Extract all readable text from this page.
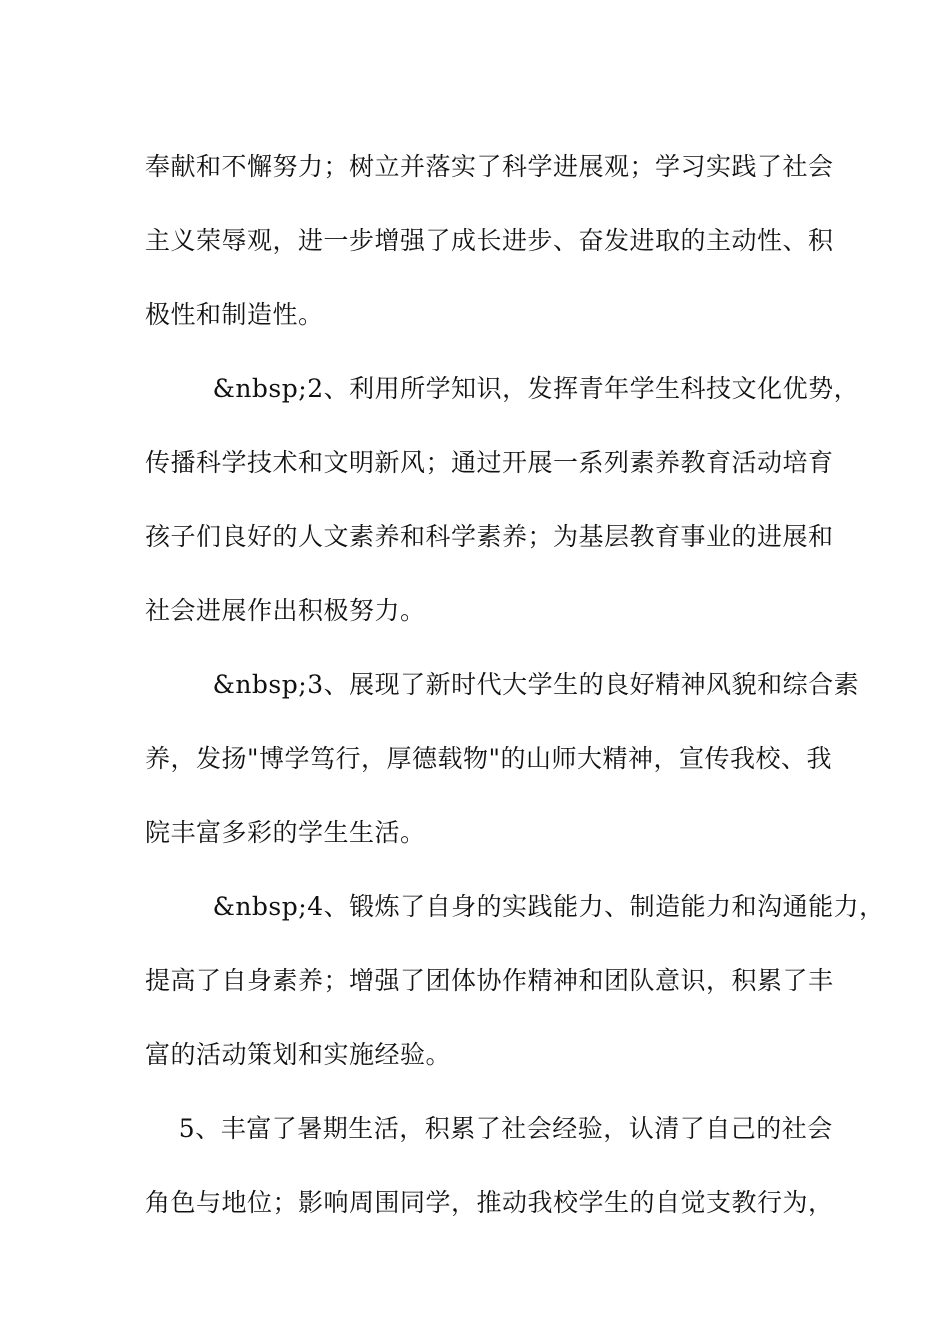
奉献和不懈努力；树立并落实了科学进展观；学习实践了社会
主义荣辱观，进一步增强了成长进步、奋发进取的主动性、积
极性和制造性。
&nbsp;2、利用所学知识，发挥青年学生科技文化优势，
传播科学技术和文明新风；通过开展一系列素养教育活动培育
孩子们良好的人文素养和科学素养；为基层教育事业的进展和
社会进展作出积极努力。
&nbsp;3、展现了新时代大学生的良好精神风貌和综合素
养，发扬"博学笃行，厚德载物"的山师大精神，宣传我校、我
院丰富多彩的学生生活。
&nbsp;4、锻炼了自身的实践能力、制造能力和沟通能力，
提高了自身素养；增强了团体协作精神和团队意识，积累了丰
富的活动策划和实施经验。
5、丰富了暑期生活，积累了社会经验，认清了自己的社会
角色与地位；影响周围同学，推动我校学生的自觉支教行为，
